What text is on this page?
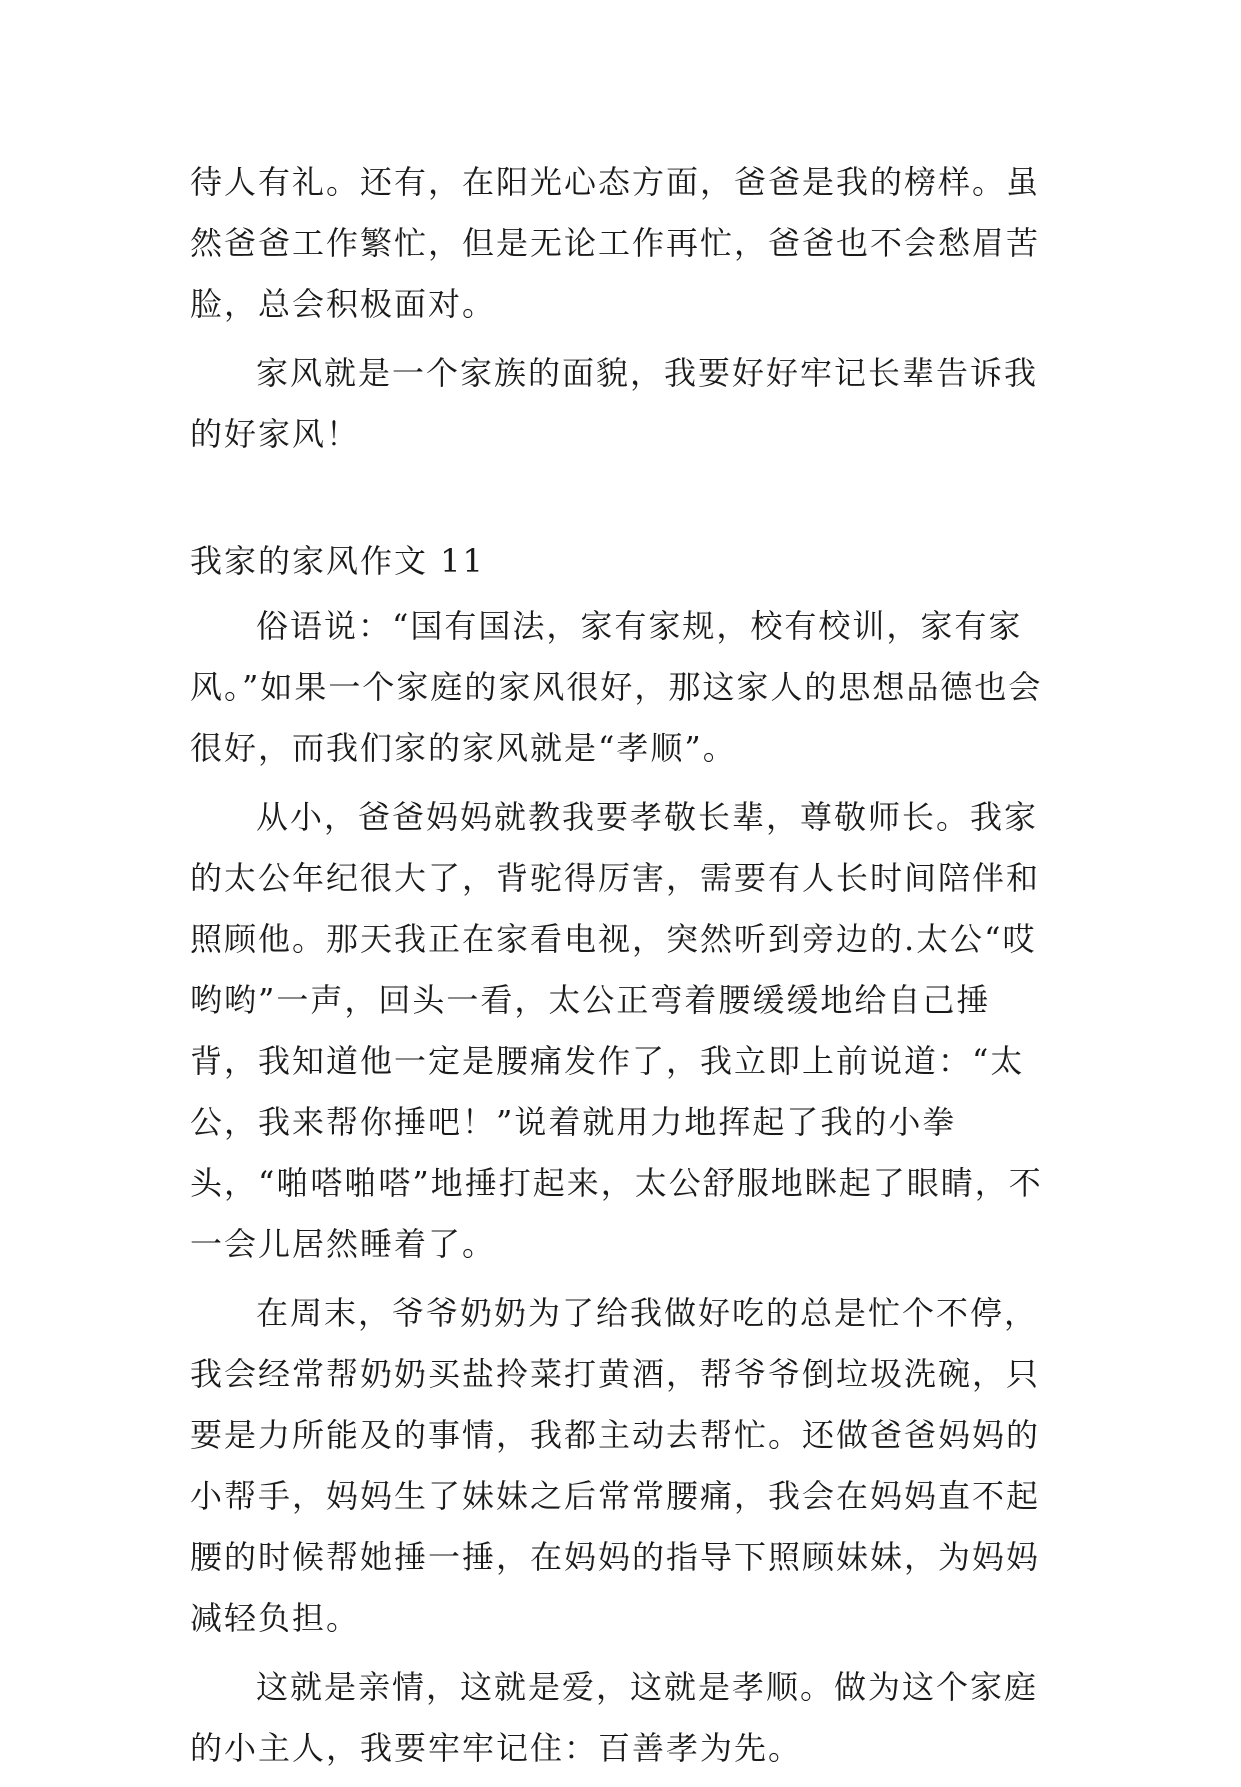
待人有礼。还有，在阳光心态方面，爸爸是我的榜样。虽然爸爸工作繁忙，但是无论工作再忙，爸爸也不会愁眉苦脸，总会积极面对。

家风就是一个家族的面貌，我要好好牢记长辈告诉我的好家风！

我家的家风作文 11

俗语说：“国有国法，家有家规，校有校训，家有家风。”如果一个家庭的家风很好，那这家人的思想品德也会很好，而我们家的家风就是“孝顺”。

从小，爸爸妈妈就教我要孝敬长辈，尊敬师长。我家的太公年纪很大了，背驼得厉害，需要有人长时间陪伴和照顾他。那天我正在家看电视，突然听到旁边的.太公“哎哟哟”一声，回头一看，太公正弯着腰缓缓地给自己捶背，我知道他一定是腰痛发作了，我立即上前说道：“太公，我来帮你捶吧！”说着就用力地挥起了我的小拳头，“啪嗒啪嗒”地捶打起来，太公舒服地眯起了眼睛，不一会儿居然睡着了。

在周末，爷爷奶奶为了给我做好吃的总是忙个不停，我会经常帮奶奶买盐拎菜打黄酒，帮爷爷倒垃圾洗碗，只要是力所能及的事情，我都主动去帮忙。还做爸爸妈妈的小帮手，妈妈生了妹妹之后常常腰痛，我会在妈妈直不起腰的时候帮她捶一捶，在妈妈的指导下照顾妹妹，为妈妈减轻负担。

这就是亲情，这就是爱，这就是孝顺。做为这个家庭的小主人，我要牢牢记住：百善孝为先。
